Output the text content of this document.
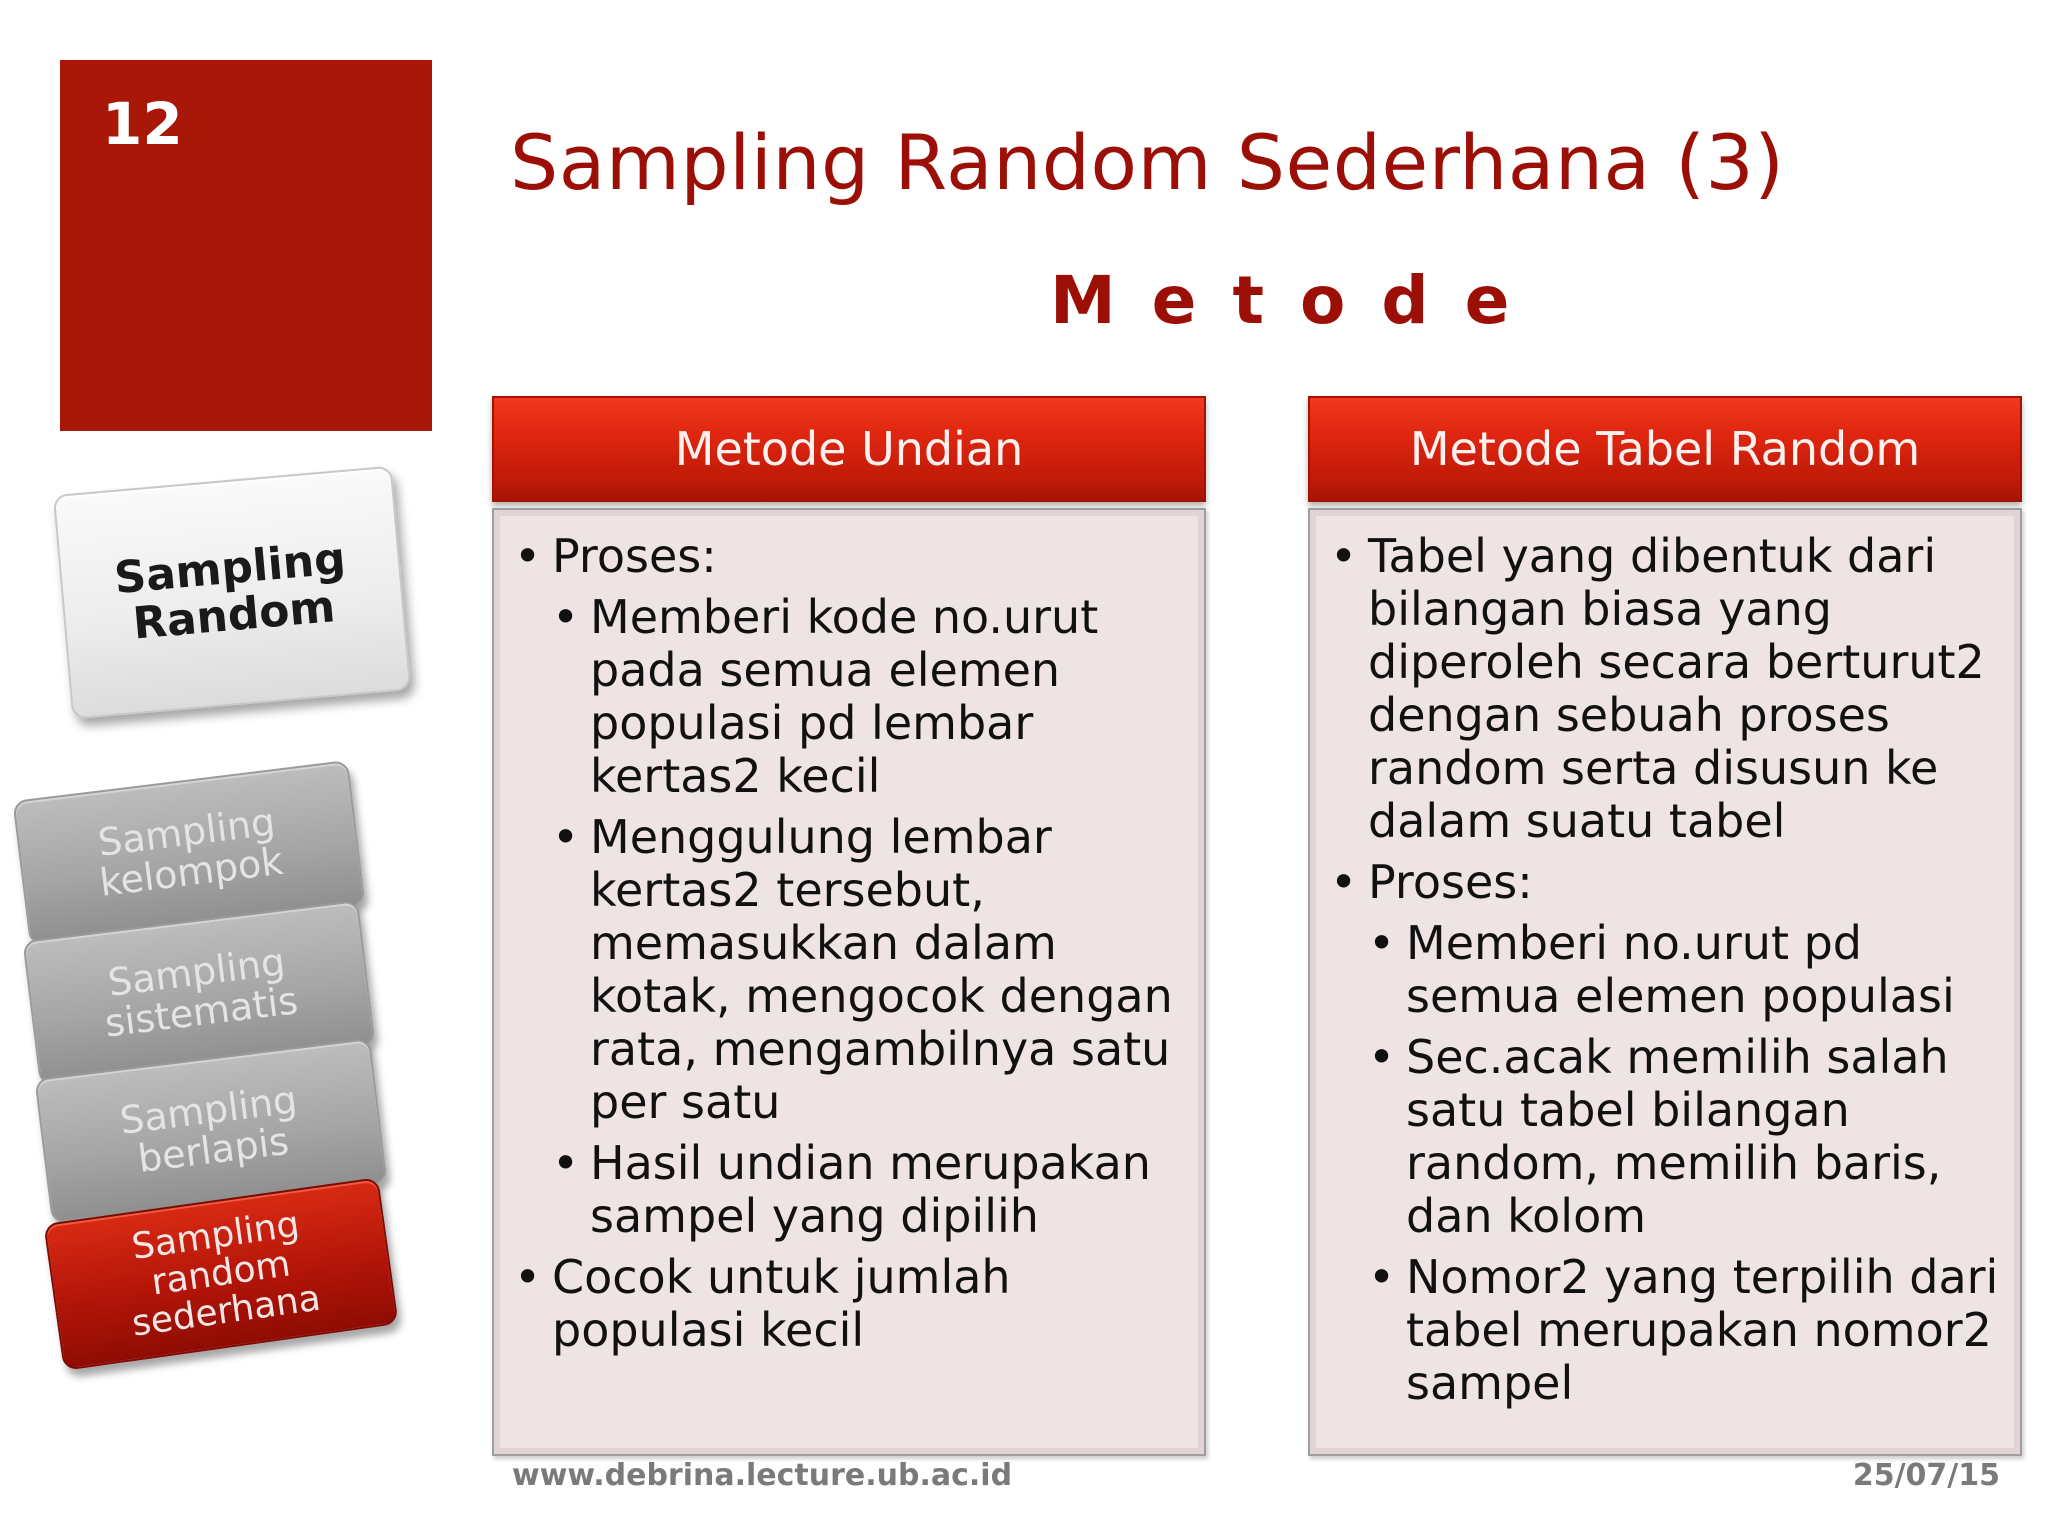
12	Sampling Random Sederhana (3)
Metode
Sampling Random
Sampling kelompok
Sampling sistematis
Sampling berlapis
Sampling random sederhana
Metode Undian
• Proses:
• Memberi kode no.urut pada semua elemen populasi pd lembar kertas2 kecil
• Menggulung lembar kertas2 tersebut, memasukkan dalam kotak, mengocok dengan rata, mengambilnya satu per satu
• Hasil undian merupakan sampel yang dipilih
• Cocok untuk jumlah populasi kecil
Metode Tabel Random
• Tabel yang dibentuk dari bilangan biasa yang diperoleh secara berturut2 dengan sebuah proses random serta disusun ke dalam suatu tabel
• Proses:
• Memberi no.urut pd semua elemen populasi
• Sec.acak memilih salah satu tabel bilangan random, memilih baris, dan kolom
• Nomor2 yang terpilih dari tabel merupakan nomor2 sampel
www.debrina.lecture.ub.ac.id	25/07/15
